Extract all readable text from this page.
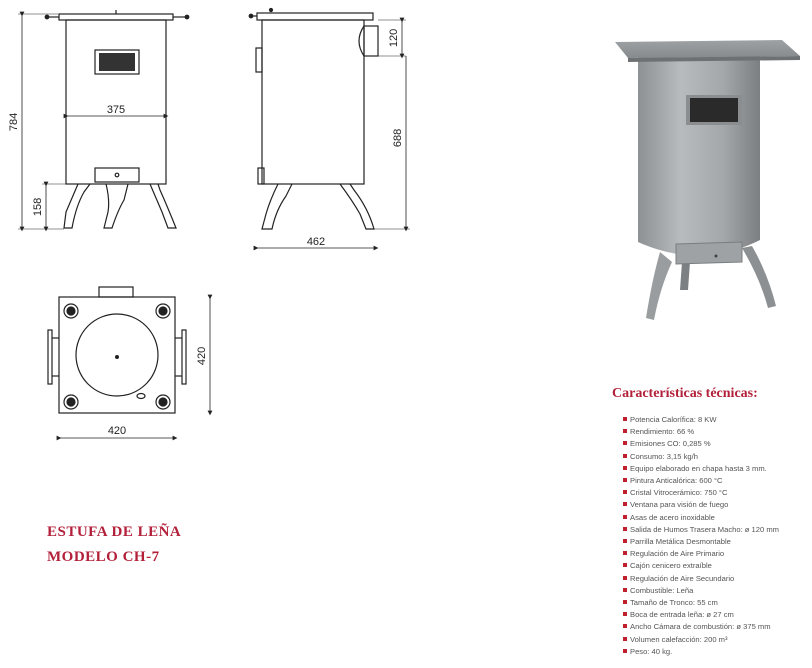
375
784
158
120
688
462
420
420
ESTUFA DE LEÑA
MODELO CH-7
Características técnicas:
Potencia Calorífica: 8 KW
Rendimiento: 66 %
Emisiones CO: 0,285 %
Consumo: 3,15 kg/h
Equipo elaborado en chapa hasta 3 mm.
Pintura Anticalórica: 600 °C
Cristal Vitrocerámico: 750 °C
Ventana para visión de fuego
Asas de acero inoxidable
Salida de Humos Trasera Macho: ø 120 mm
Parrilla Metálica Desmontable
Regulación de Aire Primario
Cajón cenicero extraíble
Regulación de Aire Secundario
Combustible: Leña
Tamaño de Tronco: 55 cm
Boca de entrada leña: ø 27 cm
Ancho Cámara de combustión: ø 375 mm
Volumen calefacción: 200 m³
Peso: 40 kg.
